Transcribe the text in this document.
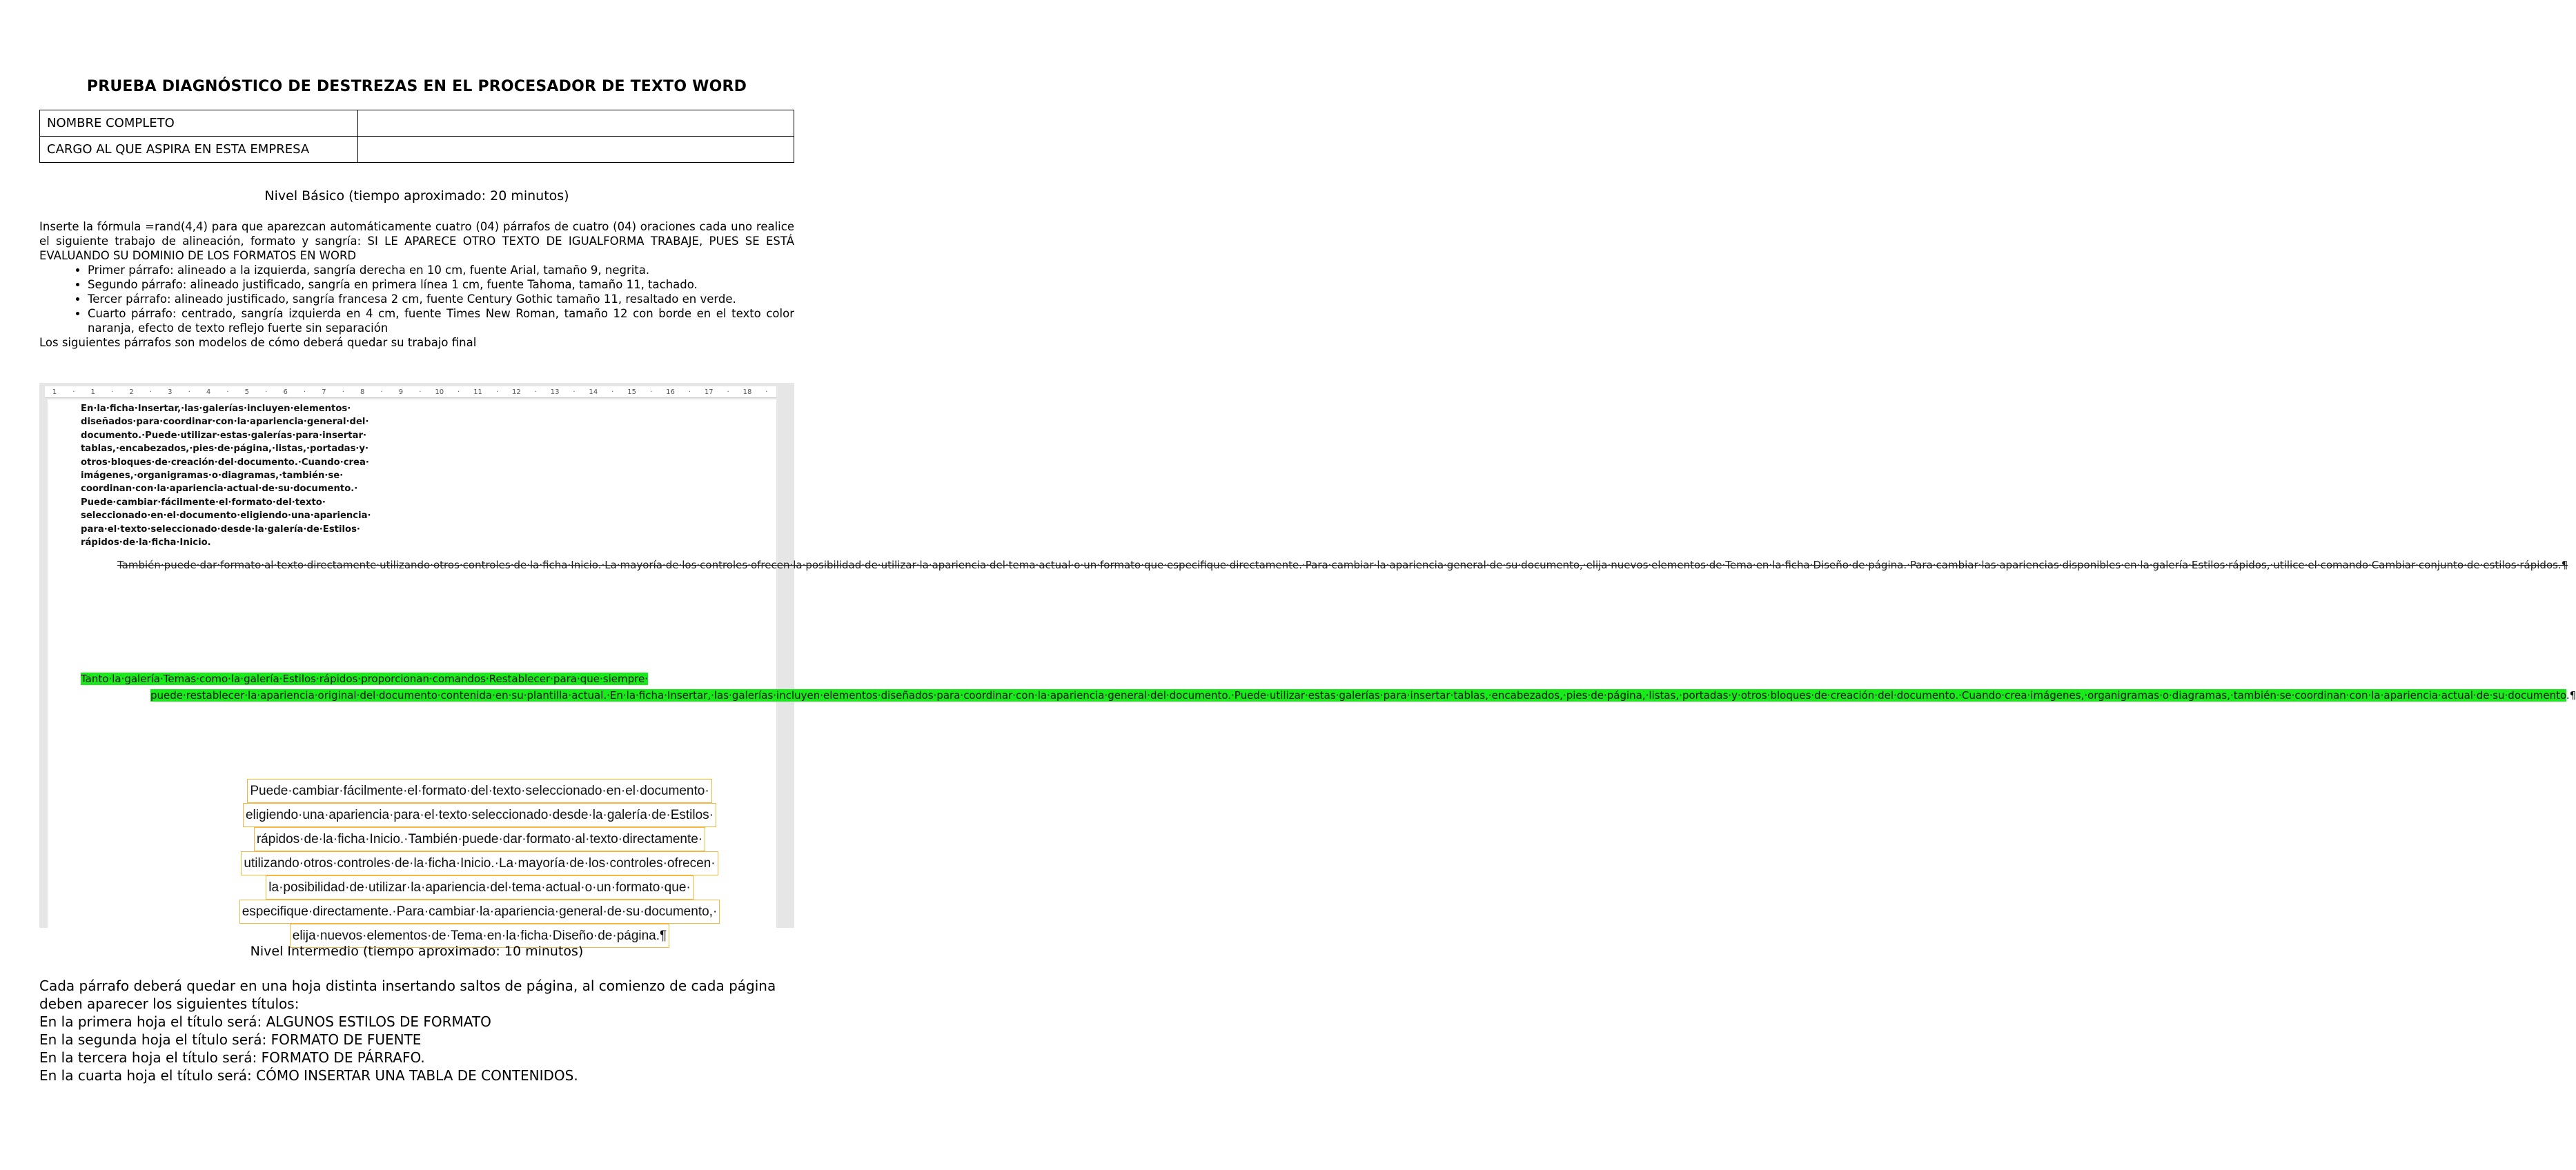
PRUEBA DIAGNÓSTICO DE DESTREZAS EN EL PROCESADOR DE TEXTO WORD
NOMBRE COMPLETO	
CARGO AL QUE ASPIRA EN ESTA EMPRESA	
Nivel Básico (tiempo aproximado: 20 minutos)

Inserte la fórmula =rand(4,4) para que aparezcan automáticamente cuatro (04) párrafos de cuatro (04) oraciones cada uno realice el siguiente trabajo de alineación, formato y sangría: SI LE APARECE OTRO TEXTO DE IGUALFORMA TRABAJE, PUES SE ESTÁ EVALUANDO SU DOMINIO DE LOS FORMATOS EN WORD

• Primer párrafo: alineado a la izquierda, sangría derecha en 10 cm, fuente Arial, tamaño 9, negrita.
• Segundo párrafo: alineado justificado, sangría en primera línea 1 cm, fuente Tahoma, tamaño 11, tachado.
• Tercer párrafo: alineado justificado, sangría francesa 2 cm, fuente Century Gothic tamaño 11, resaltado en verde.
• Cuarto párrafo: centrado, sangría izquierda en 4 cm, fuente Times New Roman, tamaño 12 con borde en el texto color naranja, efecto de texto reflejo fuerte sin separación

Los siguientes párrafos son modelos de cómo deberá quedar su trabajo final

1	·	1	·	2	·	3	·	4	·	5	·	6	·	7	·	8	·	9	·	10	·	11	·	12	·	13	·	14	·	15	·	16	·	17	·	18	·
En·la·ficha·Insertar,·las·galerías·incluyen·elementos· diseñados·para·coordinar·con·la·apariencia·general·del· documento.·Puede·utilizar·estas·galerías·para·insertar· tablas,·encabezados,·pies·de·página,·listas,·portadas·y· otros·bloques·de·creación·del·documento.·Cuando·crea· imágenes,·organigramas·o·diagramas,·también·se· coordinan·con·la·apariencia·actual·de·su·documento.· Puede·cambiar·fácilmente·el·formato·del·texto· seleccionado·en·el·documento·eligiendo·una·apariencia· para·el·texto·seleccionado·desde·la·galería·de·Estilos· rápidos·de·la·ficha·Inicio.
También·puede·dar·formato·al·texto·directamente·utilizando·otros·controles·de·la·ficha·Inicio.·La·mayoría·de·los·controles·ofrecen·la·posibilidad·de·utilizar·la·apariencia·del·tema·actual·o·un·formato·que·especifique·directamente.·Para·cambiar·la·apariencia·general·de·su·documento,·elija·nuevos·elementos·de·Tema·en·la·ficha·Diseño·de·página.·Para·cambiar·las·apariencias·disponibles·en·la·galería·Estilos·rápidos,·utilice·el·comando·Cambiar·conjunto·de·estilos·rápidos.¶
Tanto·la·galería·Temas·como·la·galería·Estilos·rápidos·proporcionan·comandos·Restablecer·para·que·siempre·
puede·restablecer·la·apariencia·original·del·documento·contenida·en·su·plantilla·actual.·En·la·ficha·Insertar,·las·galerías·incluyen·elementos·diseñados·para·coordinar·con·la·apariencia·general·del·documento.·Puede·utilizar·estas·galerías·para·insertar·tablas,·encabezados,·pies·de·página,·listas,·portadas·y·otros·bloques·de·creación·del·documento.·Cuando·crea·imágenes,·organigramas·o·diagramas,·también·se·coordinan·con·la·apariencia·actual·de·su·documento.¶
Puede·cambiar·fácilmente·el·formato·del·texto·seleccionado·en·el·documento·
eligiendo·una·apariencia·para·el·texto·seleccionado·desde·la·galería·de·Estilos·
rápidos·de·la·ficha·Inicio.·También·puede·dar·formato·al·texto·directamente·
utilizando·otros·controles·de·la·ficha·Inicio.·La·mayoría·de·los·controles·ofrecen·
la·posibilidad·de·utilizar·la·apariencia·del·tema·actual·o·un·formato·que·
especifique·directamente.·Para·cambiar·la·apariencia·general·de·su·documento,·
elija·nuevos·elementos·de·Tema·en·la·ficha·Diseño·de·página.¶
Nivel Intermedio (tiempo aproximado: 10 minutos)

Cada párrafo deberá quedar en una hoja distinta insertando saltos de página, al comienzo de cada página deben aparecer los siguientes títulos:

En la primera hoja el título será: ALGUNOS ESTILOS DE FORMATO

En la segunda hoja el título será: FORMATO DE FUENTE

En la tercera hoja el título será: FORMATO DE PÁRRAFO.

En la cuarta hoja el título será: CÓMO INSERTAR UNA TABLA DE CONTENIDOS.
